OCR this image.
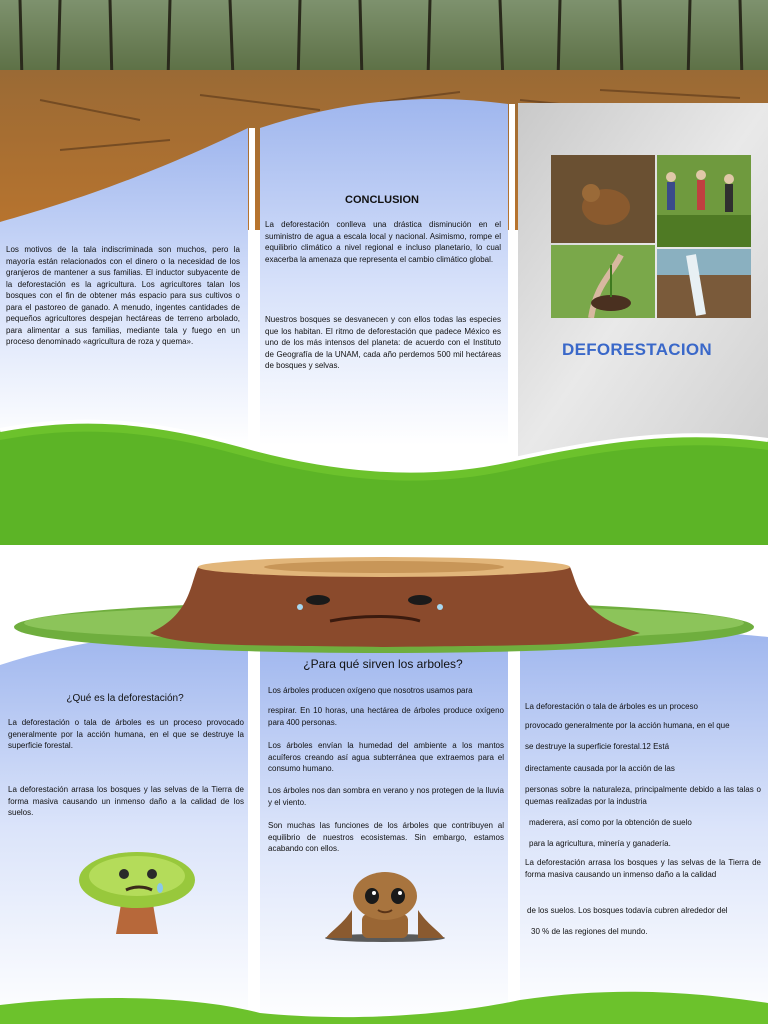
DEFORESTACION
Los motivos de la tala indiscriminada son muchos, pero la mayoría están relacionados con el dinero o la necesidad de los granjeros de mantener a sus familias. El inductor subyacente de la deforestación es la agricultura. Los agricultores talan los bosques con el fin de obtener más espacio para sus cultivos o para el pastoreo de ganado. A menudo, ingentes cantidades de pequeños agricultores despejan hectáreas de terreno arbolado, para alimentar a sus familias, mediante tala y fuego en un proceso denominado «agricultura de roza y quema».
CONCLUSION
La deforestación conlleva una drástica disminución en el suministro de agua a escala local y nacional. Asimismo, rompe el equilibrio climático a nivel regional e incluso planetario, lo cual exacerba la amenaza que representa el cambio climático global.
Nuestros bosques se desvanecen y con ellos todas las especies que los habitan. El ritmo de deforestación que padece México es uno de los más intensos del planeta: de acuerdo con el Instituto de Geografía de la UNAM, cada año perdemos 500 mil hectáreas de bosques y selvas.
¿Qué es la deforestación?
La deforestación o tala de árboles es un proceso provocado generalmente por la acción humana, en el que se destruye la superficie forestal.
La deforestación arrasa los bosques y las selvas de la Tierra de forma masiva causando un inmenso daño a la calidad de los suelos.
¿Para qué sirven los arboles?
Los árboles producen oxígeno que nosotros usamos para
respirar. En 10 horas, una hectárea de árboles produce oxígeno para 400 personas.
Los árboles envían la humedad del ambiente a los mantos acuíferos creando así agua subterránea que extraemos para el consumo humano.
Los árboles nos dan sombra en verano y nos protegen de la lluvia y el viento.
Son muchas las funciones de los árboles que contribuyen al equilibrio de nuestros ecosistemas. Sin embargo, estamos acabando con ellos.
La deforestación o tala de árboles es un proceso
provocado generalmente por la acción humana, en el que
se destruye la superficie forestal.12 Está
directamente causada por la acción de las
personas sobre la naturaleza, principalmente debido a las talas o quemas realizadas por la industria
maderera, así como por la obtención de suelo
para la agricultura, minería y ganadería.
La deforestación arrasa los bosques y las selvas de la Tierra de forma masiva causando un inmenso daño a la calidad
de los suelos. Los bosques todavía cubren alrededor del
30 % de las regiones del mundo.
